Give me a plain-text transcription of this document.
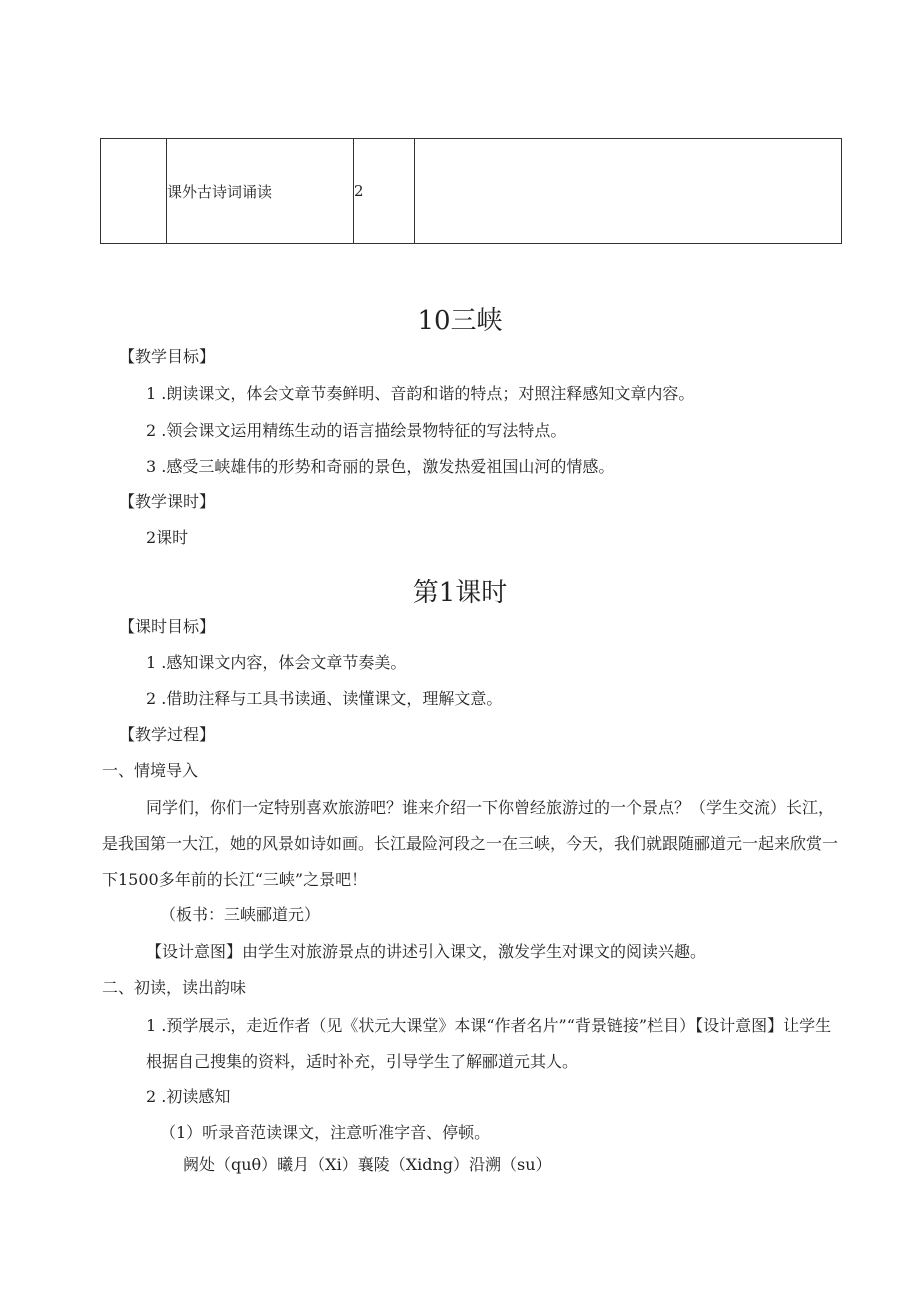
	课外古诗词诵读	2	
10三峡
【教学目标】
1 .朗读课文，体会文章节奏鲜明、音韵和谐的特点；对照注释感知文章内容。
2 .领会课文运用精练生动的语言描绘景物特征的写法特点。
3 .感受三峡雄伟的形势和奇丽的景色，激发热爱祖国山河的情感。
【教学课时】
2课时
第1课时
【课时目标】
1 .感知课文内容，体会文章节奏美。
2 .借助注释与工具书读通、读懂课文，理解文意。
【教学过程】
一、情境导入
同学们，你们一定特别喜欢旅游吧？谁来介绍一下你曾经旅游过的一个景点？（学生交流）长江，是我国第一大江，她的风景如诗如画。长江最险河段之一在三峡，今天，我们就跟随郦道元一起来欣赏一下1500多年前的长江“三峡”之景吧！
（板书：三峡郦道元）
【设计意图】由学生对旅游景点的讲述引入课文，激发学生对课文的阅读兴趣。
二、初读，读出韵味
1 .预学展示，走近作者（见《状元大课堂》本课“作者名片”“背景链接”栏目）【设计意图】让学生根据自己搜集的资料，适时补充，引导学生了解郦道元其人。
2 .初读感知
（1）听录音范读课文，注意听准字音、停顿。
阙处（quθ）曦月（Xi）襄陵（Xidng）沿溯（su）
